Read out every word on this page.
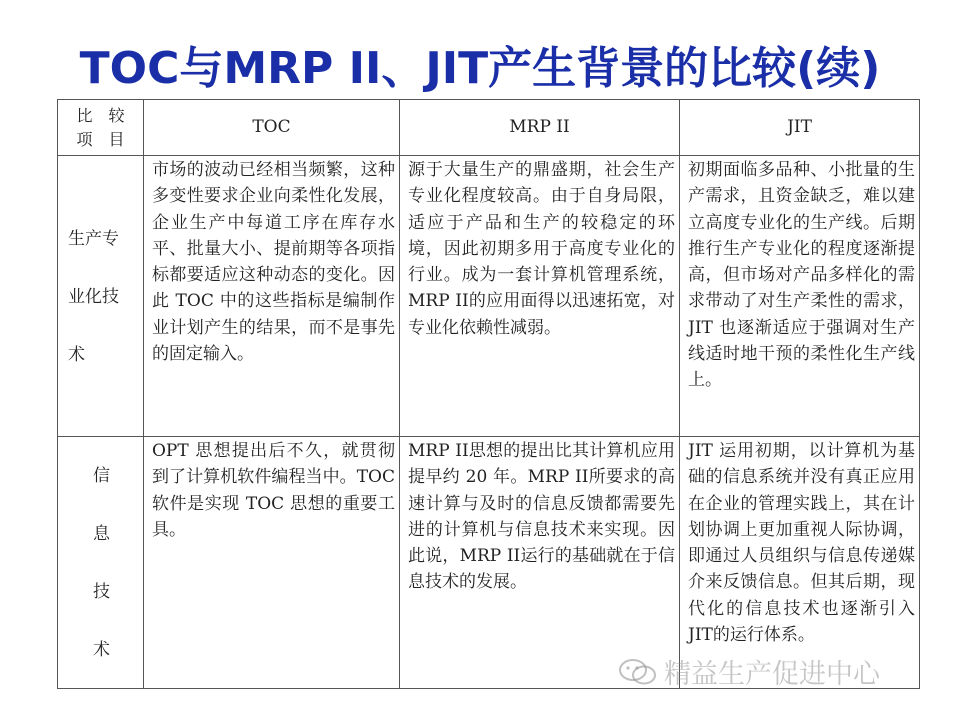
TOC与MRP II、JIT产生背景的比较(续)
比　较
项　目	TOC	MRP II	JIT

生产专
业化技
术	市场的波动已经相当频繁，这种多变性要求企业向柔性化发展，企业生产中每道工序在库存水平、批量大小、提前期等各项指标都要适应这种动态的变化。因此 TOC 中的这些指标是编制作业计划产生的结果，而不是事先的固定输入。	源于大量生产的鼎盛期，社会生产专业化程度较高。由于自身局限，适应于产品和生产的较稳定的环境，因此初期多用于高度专业化的行业。成为一套计算机管理系统，MRP II的应用面得以迅速拓宽，对专业化依赖性减弱。	初期面临多品种、小批量的生产需求，且资金缺乏，难以建立高度专业化的生产线。后期推行生产专业化的程度逐渐提高，但市场对产品多样化的需求带动了对生产柔性的需求，JIT 也逐渐适应于强调对生产线适时地干预的柔性化生产线上。

信息
技术	OPT 思想提出后不久，就贯彻到了计算机软件编程当中。TOC 软件是实现 TOC 思想的重要工具。	MRP II思想的提出比其计算机应用提早约 20 年。MRP II所要求的高速计算与及时的信息反馈都需要先进的计算机与信息技术来实现。因此说，MRP II运行的基础就在于信息技术的发展。	JIT 运用初期，以计算机为基础的信息系统并没有真正应用在企业的管理实践上，其在计划协调上更加重视人际协调，即通过人员组织与信息传递媒介来反馈信息。但其后期，现代化的信息技术也逐渐引入JIT的运行体系。
精益生产促进中心
